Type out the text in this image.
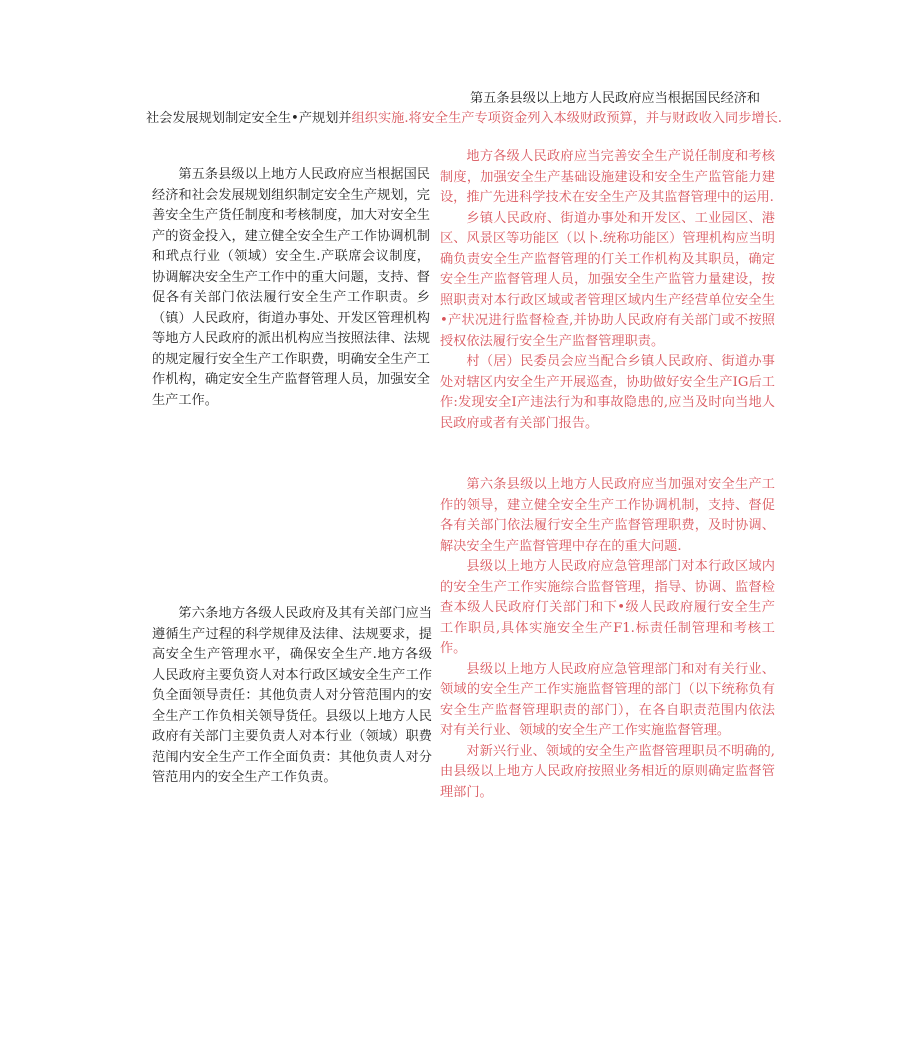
第五条县级以上地方人民政府应当根据国民经济和
社会发展规划制定安全生•产规划并组织实施.将安全生产专项资金列入本级财政预算，并与财政收入同步增长.
第五条县级以上地方人民政府应当根据国民经济和社会发展规划组织制定安全生产规划，完善安全生产货任制度和考核制度，加大对安全生产的资金投入，建立健全安全生产工作协调机制和玳点行业（领域）安全生.产联席会议制度，协调解决安全生产工作中的重大问题，支持、督促各有关部门依法履行安全生产工作职责。乡（镇）人民政府，街道办事处、开发区管理机构等地方人民政府的派出机构应当按照法律、法规的规定履行安全生产工作职费，明确安全生产工作机构，确定安全生产监督管理人员，加强安全生产工作。
笫六条地方各级人民政府及其有关部门应当遵循生产过程的科学规律及法律、法规要求，提高安全生产管理水平，确保安全生产.地方各级人民政府主要负资人对本行政区域安全生产工作负全面领导责任：其他负责人对分管范围内的安全生产工作负相关领导货任。县级以上地方人民政府有关部门主要负责人对本行业（领域）职费范闱内安全生产工作全面负责：其他负责人对分管范用内的安全生产工作负责。

地方各级人民政府应当完善安全生产说任制度和考核制度，加强安全生产基础设施建设和安全生产监管能力建设，推广先进科学技术在安全生产及其监督管理中的运用.

乡镇人民政府、街道办事处和开发区、工业园区、港区、风景区等功能区（以卜.统称功能区）管理机构应当明确负责安全生产监督管理的仃关工作机构及其职员，确定安全生产监督管理人员，加强安全生产监管力量建设，按照职责对本行政区域或者管理区域内生产经营单位安全生•产状况进行监督检查,并协助人民政府有关部门或不按照授权依法履行安全生产监督管理职责。

村（居）民委员会应当配合乡镇人民政府、街道办事处对辖区内安全生产开展巡查，协助做好安全生产IG后工作:发现安全I产违法行为和事故隐患的,应当及时向当地人民政府或者有关部门报告。

第六条县级以上地方人民政府应当加强对安全生产工作的领导，建立健全安全生产工作协调机制，支持、督促各有关部门依法履行安全生产监督管理职费，及时协调、解决安全生产监督管理中存在的重大问题.

县级以上地方人民政府应急管理部门对本行政区域内的安全生产工作实施综合监督管理，指导、协调、监督检查本级人民政府仃关部门和下•级人民政府履行安全生产工作职员,具体实施安全生产F1.标责任制管理和考核工作。

县级以上地方人民政府应急管理部门和对有关行业、领域的安全生产工作实施监督管理的部门（以下统称负有安全生产监督管理职责的部门），在各自职责范围内依法对有关行业、领域的安全生产工作实施监督管理。

对新兴行业、领域的安全生产监督管理职员不明确的,由县级以上地方人民政府按照业务相近的原则确定监督管理部门。
